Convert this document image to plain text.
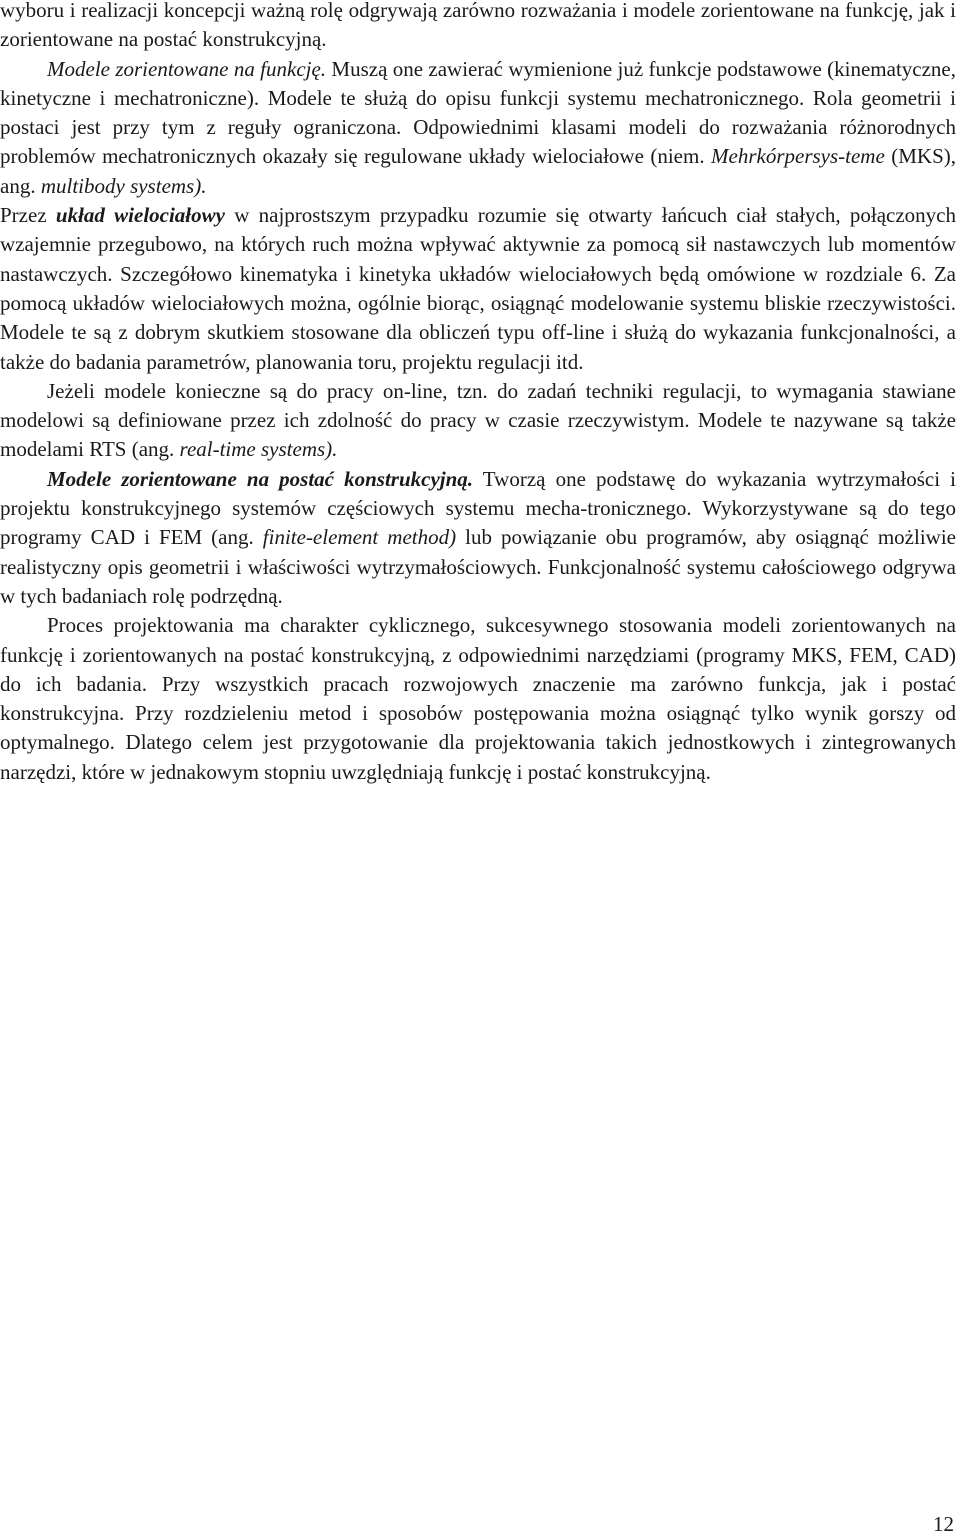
wyboru i realizacji koncepcji ważną rolę odgrywają zarówno rozważania i modele zorientowane na funkcję, jak i zorientowane na postać konstrukcyjną.

Modele zorientowane na funkcję. Muszą one zawierać wymienione już funkcje podstawowe (kinematyczne, kinetyczne i mechatroniczne). Modele te służą do opisu funkcji systemu mechatronicznego. Rola geometrii i postaci jest przy tym z reguły ograniczona. Odpowiednimi klasami modeli do rozważania różnorodnych problemów mechatronicznych okazały się regulowane układy wielociałowe (niem. Mehrkórpersys-teme (MKS), ang. multibody systems).

Przez układ wielociałowy w najprostszym przypadku rozumie się otwarty łańcuch ciał stałych, połączonych wzajemnie przegubowo, na których ruch można wpływać aktywnie za pomocą sił nastawczych lub momentów nastawczych. Szczegółowo kinematyka i kinetyka układów wielociałowych będą omówione w rozdziale 6. Za pomocą układów wielociałowych można, ogólnie biorąc, osiągnąć modelowanie systemu bliskie rzeczywistości. Modele te są z dobrym skutkiem stosowane dla obliczeń typu off-line i służą do wykazania funkcjonalności, a także do badania parametrów, planowania toru, projektu regulacji itd.

Jeżeli modele konieczne są do pracy on-line, tzn. do zadań techniki regulacji, to wymagania stawiane modelowi są definiowane przez ich zdolność do pracy w czasie rzeczywistym. Modele te nazywane są także modelami RTS (ang. real-time systems).

Modele zorientowane na postać konstrukcyjną. Tworzą one podstawę do wykazania wytrzymałości i projektu konstrukcyjnego systemów częściowych systemu mecha-tronicznego. Wykorzystywane są do tego programy CAD i FEM (ang. finite-element method) lub powiązanie obu programów, aby osiągnąć możliwie realistyczny opis geometrii i właściwości wytrzymałościowych. Funkcjonalność systemu całościowego odgrywa w tych badaniach rolę podrzędną.

Proces projektowania ma charakter cyklicznego, sukcesywnego stosowania modeli zorientowanych na funkcję i zorientowanych na postać konstrukcyjną, z odpowiednimi narzędziami (programy MKS, FEM, CAD) do ich badania. Przy wszystkich pracach rozwojowych znaczenie ma zarówno funkcja, jak i postać konstrukcyjna. Przy rozdzieleniu metod i sposobów postępowania można osiągnąć tylko wynik gorszy od optymalnego. Dlatego celem jest przygotowanie dla projektowania takich jednostkowych i zintegrowanych narzędzi, które w jednakowym stopniu uwzględniają funkcję i postać konstrukcyjną.

12
